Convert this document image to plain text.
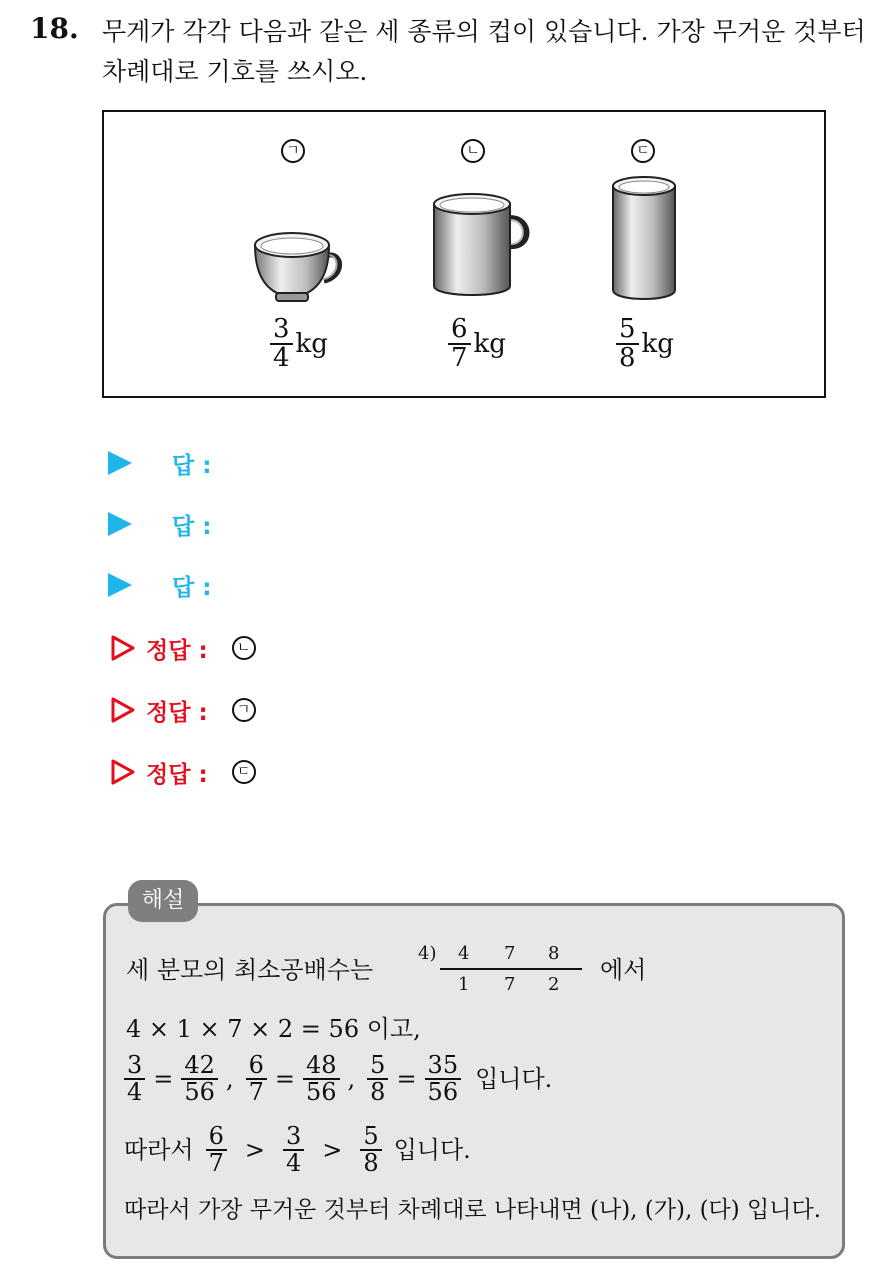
18. 무게가 각각 다음과 같은 세 종류의 컵이 있습니다. 가장 무거운 것부터 차례대로 기호를 쓰시오.
ㄱ	ㄴ	ㄷ
$\frac{3}{4}$ kg	$\frac{6}{7}$ kg	$\frac{5}{8}$ kg
답 :
답 :
답 :
정답 :	ㄴ
정답 :	ㄱ
정답 :	ㄷ
해설
세 분모의 최소공배수는
4) 4 7 8
1 7 2
에서
4 × 1 × 7 × 2 = 56 이고,
$\frac{3}{4} = \frac{42}{56}$ , $\frac{6}{7} = \frac{48}{56}$ , $\frac{5}{8} = \frac{35}{56}$ 입니다.
따라서 $\frac{6}{7} > \frac{3}{4} > \frac{5}{8}$ 입니다.
따라서 가장 무거운 것부터 차례대로 나타내면 (나), (가), (다) 입니다.
